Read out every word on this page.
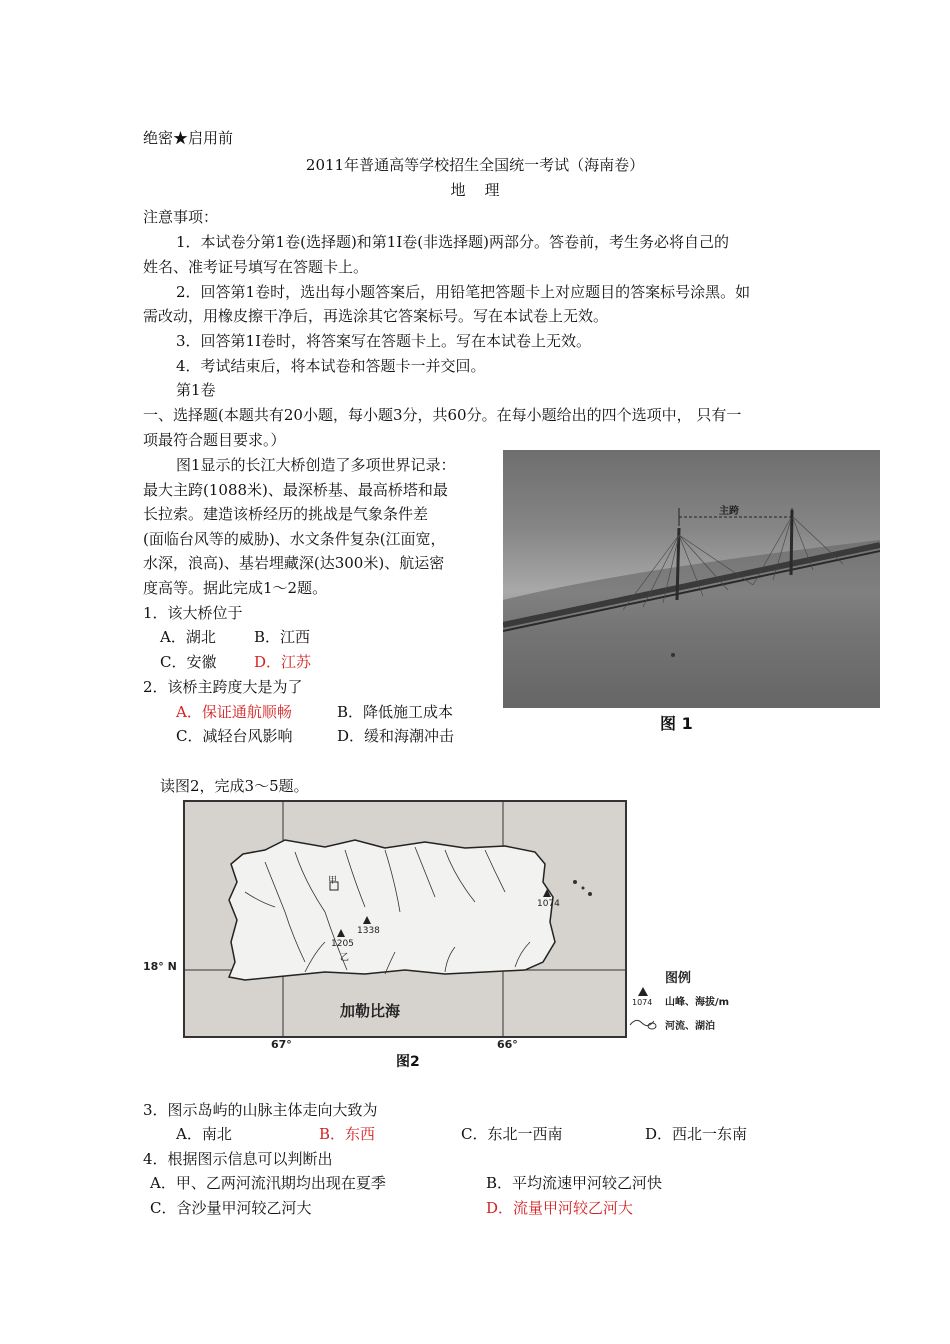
绝密★启用前
2011年普通高等学校招生全国统一考试（海南卷）
地    理
注意事项：
1．本试卷分第1卷(选择题)和第1I卷(非选择题)两部分。答卷前，考生务必将自己的
姓名、准考证号填写在答题卡上。
2．回答第1卷时，选出每小题答案后，用铅笔把答题卡上对应题目的答案标号涂黑。如
需改动，用橡皮擦干净后，再选涂其它答案标号。写在本试卷上无效。
3．回答第1I卷时，将答案写在答题卡上。写在本试卷上无效。
4．考试结束后，将本试卷和答题卡一并交回。
第1卷
一、选择题(本题共有20小题，每小题3分，共60分。在每小题给出的四个选项中， 只有一
项最符合题目要求。）
图1显示的长江大桥创造了多项世界记录：
最大主跨(1088米)、最深桥基、最高桥塔和最
长拉索。建造该桥经历的挑战是气象条件差
(面临台风等的威胁)、水文条件复杂(江面宽，
水深，浪高)、基岩埋藏深(达300米)、航运密
度高等。据此完成1～2题。
1．该大桥位于
A．湖北	B．江西
C．安徽	D．江苏
2．该桥主跨度大是为了
A．保证通航顺畅	B．降低施工成本
C．减轻台风影响	D．缓和海潮冲击
主跨
图 1
读图2，完成3～5题。
1074
1338
1205
甲
乙
加勒比海
18° N
67°	66°
图2
图例
1074 山峰、海拔/m
河流、湖泊
3．图示岛屿的山脉主体走向大致为
A．南北	B．东西	C．东北一西南	D．西北一东南
4．根据图示信息可以判断出
A．甲、乙两河流汛期均出现在夏季	B．平均流速甲河较乙河快
C．含沙量甲河较乙河大	D．流量甲河较乙河大
